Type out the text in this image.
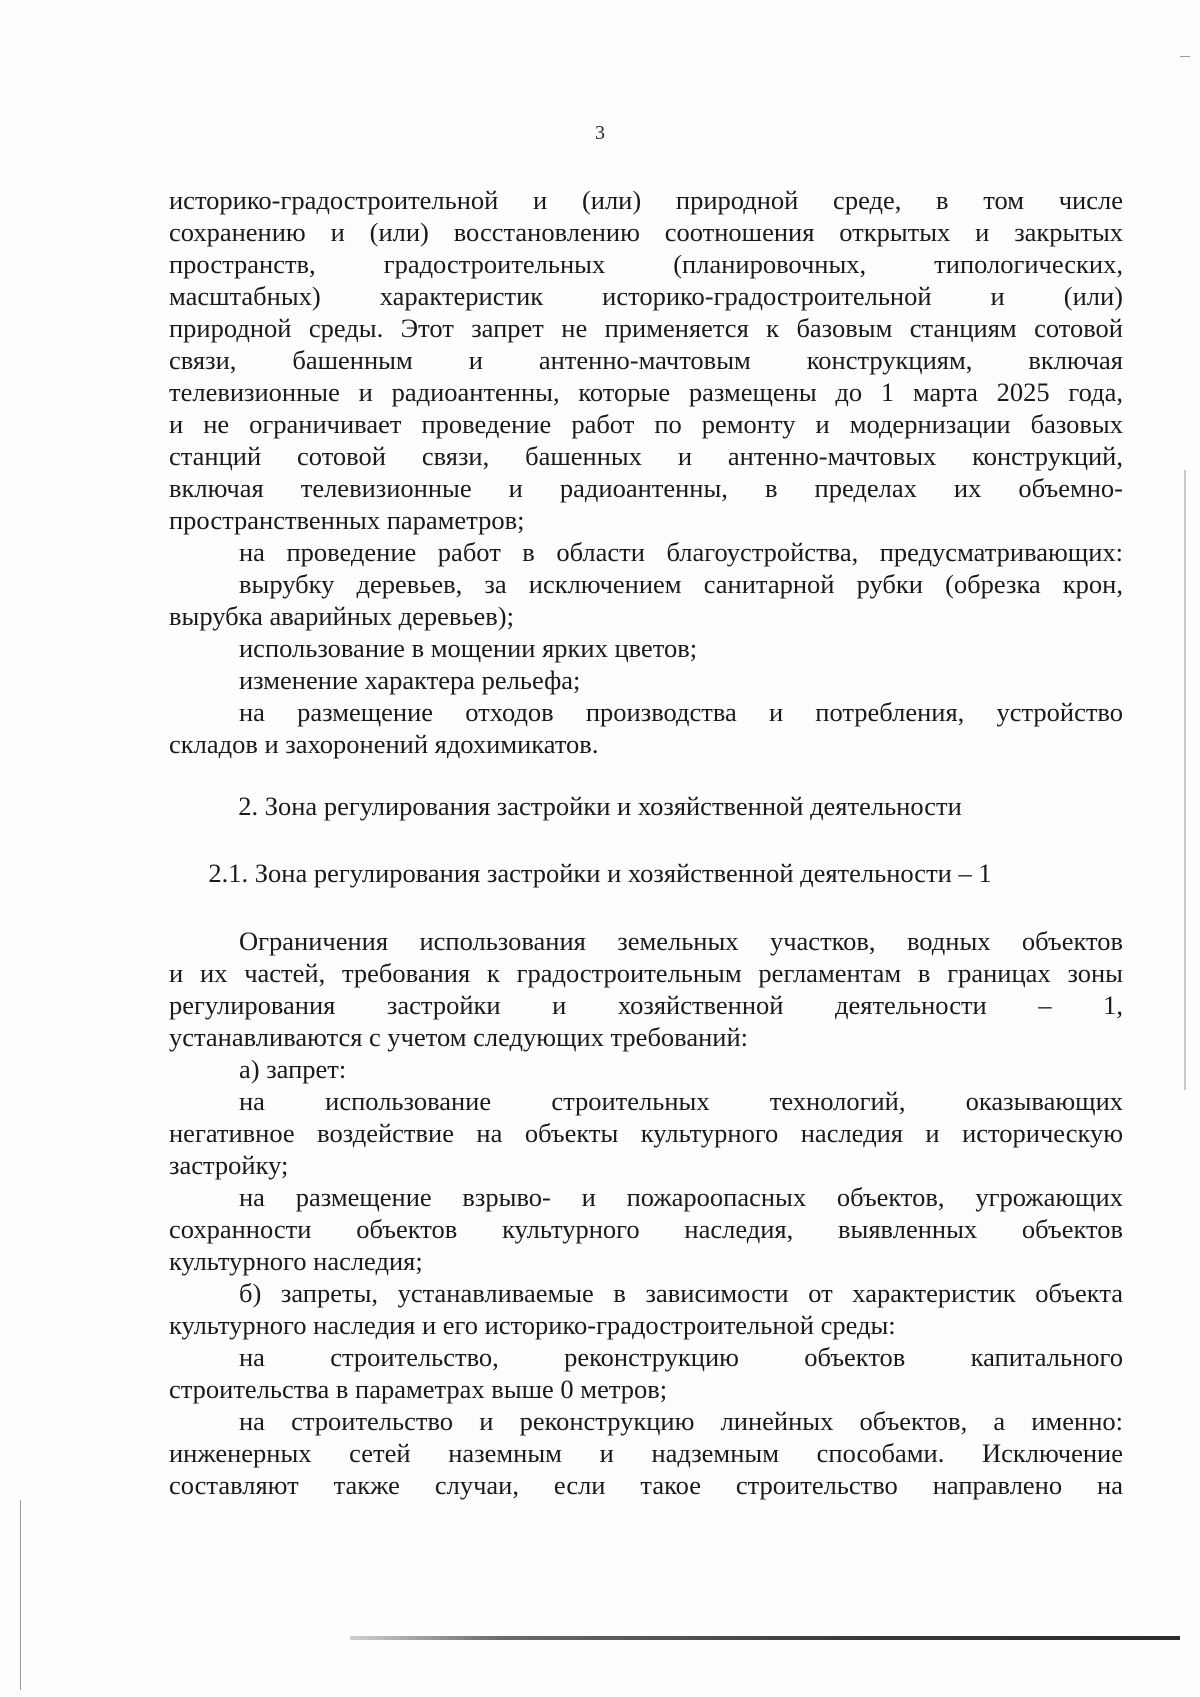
3
историко-градостроительной и (или) природной среде, в том числе
сохранению и (или) восстановлению соотношения открытых и закрытых
пространств, градостроительных (планировочных, типологических,
масштабных) характеристик историко-градостроительной и (или)
природной среды. Этот запрет не применяется к базовым станциям сотовой
связи, башенным и антенно-мачтовым конструкциям, включая
телевизионные и радиоантенны, которые размещены до 1 марта 2025 года,
и не ограничивает проведение работ по ремонту и модернизации базовых
станций сотовой связи, башенных и антенно-мачтовых конструкций,
включая телевизионные и радиоантенны, в пределах их объемно-
пространственных параметров;
на проведение работ в области благоустройства, предусматривающих:
вырубку деревьев, за исключением санитарной рубки (обрезка крон,
вырубка аварийных деревьев);
использование в мощении ярких цветов;
изменение характера рельефа;
на размещение отходов производства и потребления, устройство
складов и захоронений ядохимикатов.
2. Зона регулирования застройки и хозяйственной деятельности
2.1. Зона регулирования застройки и хозяйственной деятельности – 1
Ограничения использования земельных участков, водных объектов
и их частей, требования к градостроительным регламентам в границах зоны
регулирования застройки и хозяйственной деятельности – 1,
устанавливаются с учетом следующих требований:
а) запрет:
на использование строительных технологий, оказывающих
негативное воздействие на объекты культурного наследия и историческую
застройку;
на размещение взрыво- и пожароопасных объектов, угрожающих
сохранности объектов культурного наследия, выявленных объектов
культурного наследия;
б) запреты, устанавливаемые в зависимости от характеристик объекта
культурного наследия и его историко-градостроительной среды:
на строительство, реконструкцию объектов капитального
строительства в параметрах выше 0 метров;
на строительство и реконструкцию линейных объектов, а именно:
инженерных сетей наземным и надземным способами. Исключение
составляют также случаи, если такое строительство направлено на
